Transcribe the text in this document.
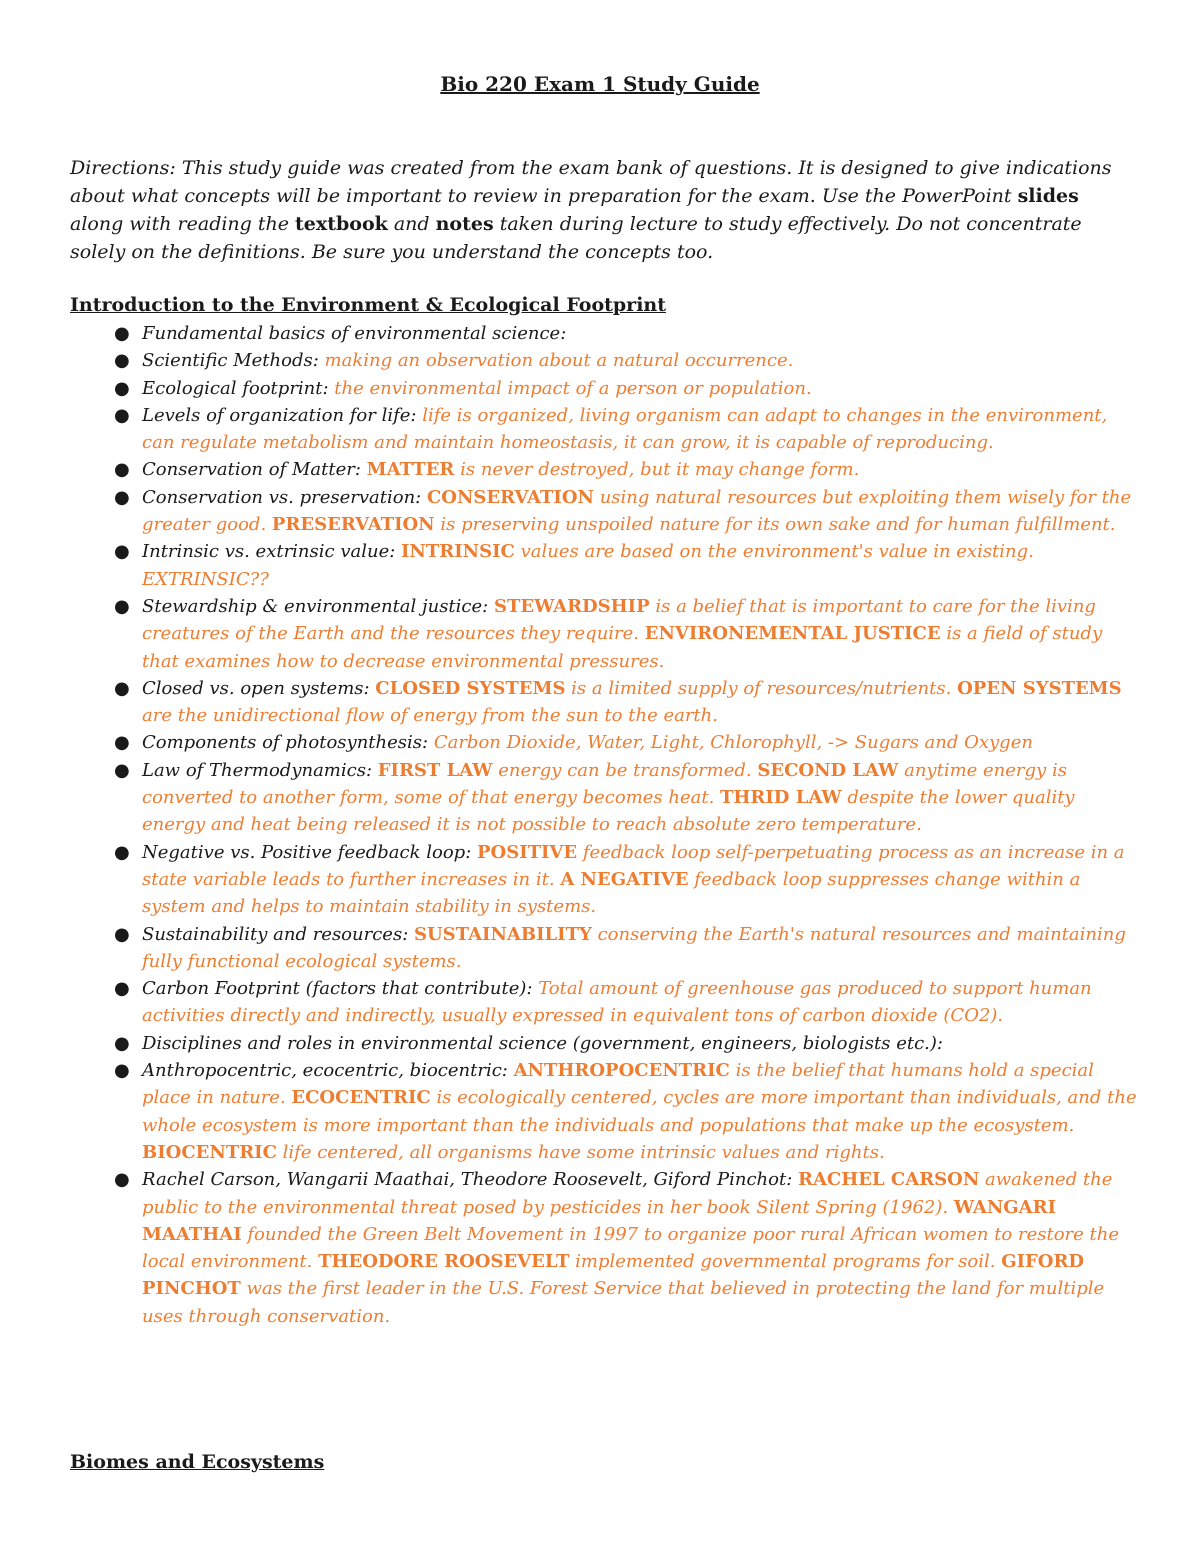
Bio 220 Exam 1 Study Guide

Directions: This study guide was created from the exam bank of questions. It is designed to give indications about what concepts will be important to review in preparation for the exam. Use the PowerPoint slides along with reading the textbook and notes taken during lecture to study effectively. Do not concentrate solely on the definitions. Be sure you understand the concepts too.

Introduction to the Environment & Ecological Footprint
● Fundamental basics of environmental science:
● Scientific Methods: making an observation about a natural occurrence.
● Ecological footprint: the environmental impact of a person or population.
● Levels of organization for life: life is organized, living organism can adapt to changes in the environment, can regulate metabolism and maintain homeostasis, it can grow, it is capable of reproducing.
● Conservation of Matter: MATTER is never destroyed, but it may change form.
● Conservation vs. preservation: CONSERVATION using natural resources but exploiting them wisely for the greater good. PRESERVATION is preserving unspoiled nature for its own sake and for human fulfillment.
● Intrinsic vs. extrinsic value: INTRINSIC values are based on the environment's value in existing. EXTRINSIC??
● Stewardship & environmental justice: STEWARDSHIP is a belief that is important to care for the living creatures of the Earth and the resources they require. ENVIRONEMENTAL JUSTICE is a field of study that examines how to decrease environmental pressures.
● Closed vs. open systems: CLOSED SYSTEMS is a limited supply of resources/nutrients. OPEN SYSTEMS are the unidirectional flow of energy from the sun to the earth.
● Components of photosynthesis: Carbon Dioxide, Water, Light, Chlorophyll, -> Sugars and Oxygen
● Law of Thermodynamics: FIRST LAW energy can be transformed. SECOND LAW anytime energy is converted to another form, some of that energy becomes heat. THRID LAW despite the lower quality energy and heat being released it is not possible to reach absolute zero temperature.
● Negative vs. Positive feedback loop: POSITIVE feedback loop self-perpetuating process as an increase in a state variable leads to further increases in it. A NEGATIVE feedback loop suppresses change within a system and helps to maintain stability in systems.
● Sustainability and resources: SUSTAINABILITY conserving the Earth's natural resources and maintaining fully functional ecological systems.
● Carbon Footprint (factors that contribute): Total amount of greenhouse gas produced to support human activities directly and indirectly, usually expressed in equivalent tons of carbon dioxide (CO2).
● Disciplines and roles in environmental science (government, engineers, biologists etc.):
● Anthropocentric, ecocentric, biocentric: ANTHROPOCENTRIC is the belief that humans hold a special place in nature. ECOCENTRIC is ecologically centered, cycles are more important than individuals, and the whole ecosystem is more important than the individuals and populations that make up the ecosystem. BIOCENTRIC life centered, all organisms have some intrinsic values and rights.
● Rachel Carson, Wangarii Maathai, Theodore Roosevelt, Giford Pinchot: RACHEL CARSON awakened the public to the environmental threat posed by pesticides in her book Silent Spring (1962). WANGARI MAATHAI founded the Green Belt Movement in 1997 to organize poor rural African women to restore the local environment. THEODORE ROOSEVELT implemented governmental programs for soil. GIFORD PINCHOT was the first leader in the U.S. Forest Service that believed in protecting the land for multiple uses through conservation.
Biomes and Ecosystems
